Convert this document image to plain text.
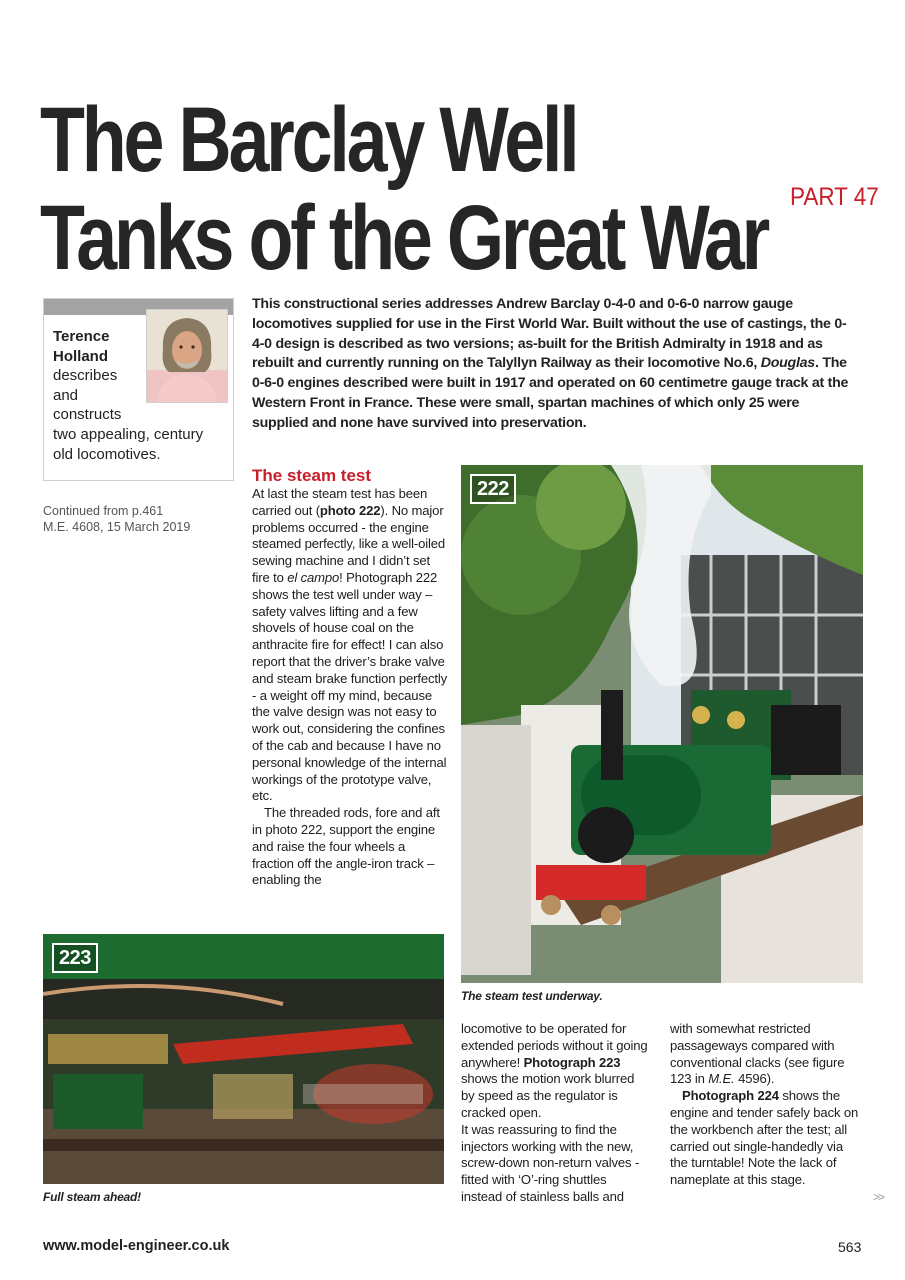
The Barclay Well
Tanks of the Great War PART 47
Terence
Holland
describes
and
constructs
two appealing, century
old locomotives.
This constructional series addresses Andrew Barclay 0-4-0 and 0-6-0 narrow gauge locomotives supplied for use in the First World War. Built without the use of castings, the 0-4-0 design is described as two versions; as-built for the British Admiralty in 1918 and as rebuilt and currently running on the Talyllyn Railway as their locomotive No.6, Douglas. The 0-6-0 engines described were built in 1917 and operated on 60 centimetre gauge track at the Western Front in France. These were small, spartan machines of which only 25 were supplied and none have survived into preservation.
Continued from p.461
M.E. 4608, 15 March 2019
The steam test

At last the steam test has been carried out (photo 222). No major problems occurred - the engine steamed perfectly, like a well-oiled sewing machine and I didn’t set fire to el campo! Photograph 222 shows the test well under way – safety valves lifting and a few shovels of house coal on the anthracite fire for effect! I can also report that the driver’s brake valve and steam brake function perfectly - a weight off my mind, because the valve design was not easy to work out, considering the confines of the cab and because I have no personal knowledge of the internal workings of the prototype valve, etc.

The threaded rods, fore and aft in photo 222, support the engine and raise the four wheels a fraction off the angle-iron track – enabling the

locomotive to be operated for extended periods without it going anywhere! Photograph 223 shows the motion work blurred by speed as the regulator is cracked open.

It was reassuring to find the injectors working with the new, screw-down non-return valves - fitted with ‘O’-ring shuttles instead of stainless balls and

with somewhat restricted passageways compared with conventional clacks (see figure 123 in M.E. 4596).

Photograph 224 shows the engine and tender safely back on the workbench after the test; all carried out single-handedly via the turntable! Note the lack of nameplate at this stage.

222
The steam test underway.
223
Full steam ahead!	>>
www.model-engineer.co.uk	563
